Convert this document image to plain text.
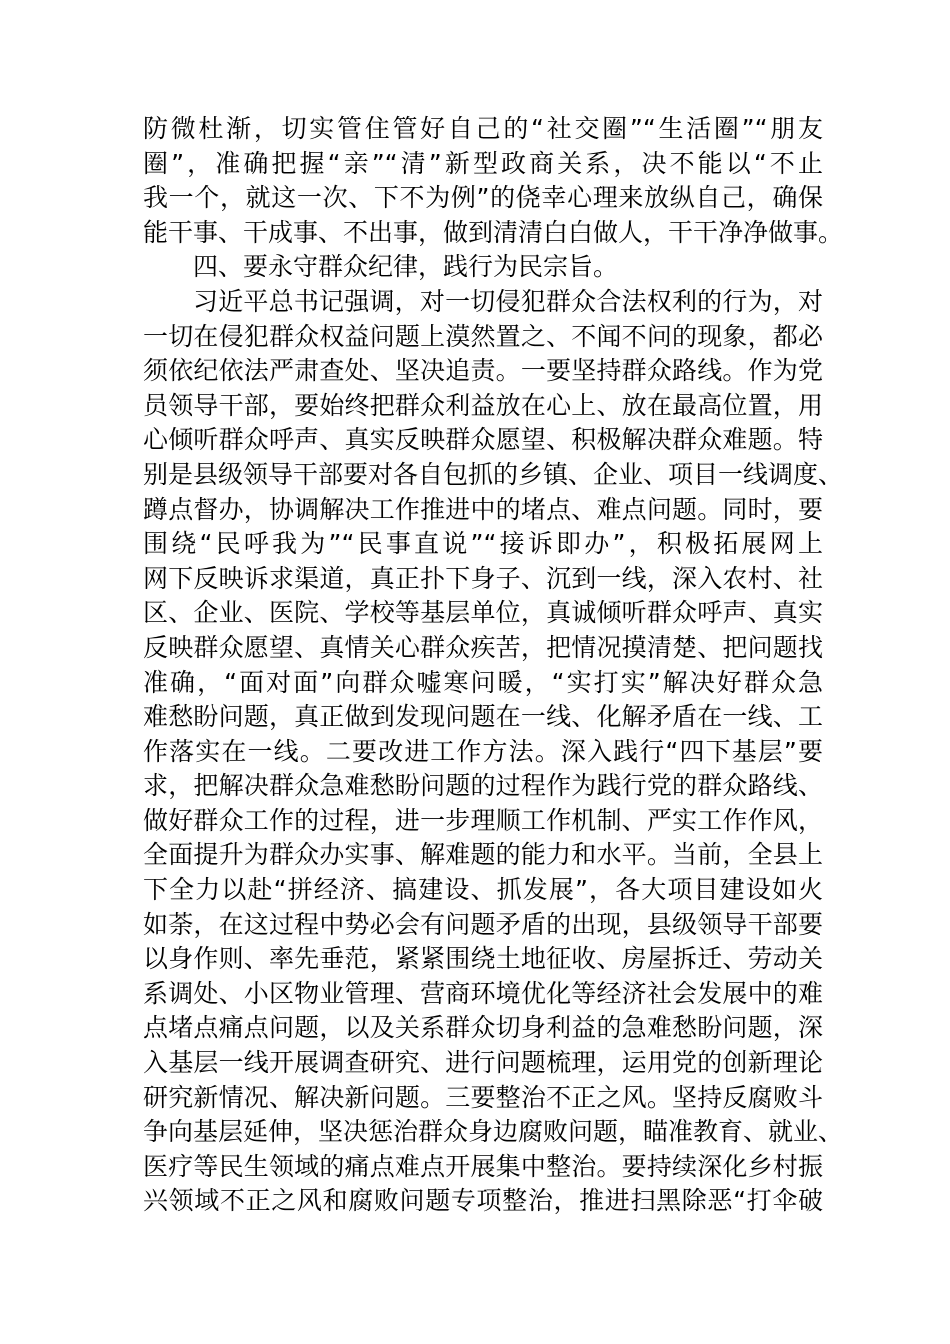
防微杜渐，切实管住管好自己的“社交圈”“生活圈”“朋友
圈”，准确把握“亲”“清”新型政商关系，决不能以“不止
我一个，就这一次、下不为例”的侥幸心理来放纵自己，确保
能干事、干成事、不出事，做到清清白白做人，干干净净做事。
四、要永守群众纪律，践行为民宗旨。
习近平总书记强调，对一切侵犯群众合法权利的行为，对
一切在侵犯群众权益问题上漠然置之、不闻不问的现象，都必
须依纪依法严肃查处、坚决追责。一要坚持群众路线。作为党
员领导干部，要始终把群众利益放在心上、放在最高位置，用
心倾听群众呼声、真实反映群众愿望、积极解决群众难题。特
别是县级领导干部要对各自包抓的乡镇、企业、项目一线调度、
蹲点督办，协调解决工作推进中的堵点、难点问题。同时，要
围绕“民呼我为”“民事直说”“接诉即办”，积极拓展网上
网下反映诉求渠道，真正扑下身子、沉到一线，深入农村、社
区、企业、医院、学校等基层单位，真诚倾听群众呼声、真实
反映群众愿望、真情关心群众疾苦，把情况摸清楚、把问题找
准确，“面对面”向群众嘘寒问暖，“实打实”解决好群众急
难愁盼问题，真正做到发现问题在一线、化解矛盾在一线、工
作落实在一线。二要改进工作方法。深入践行“四下基层”要
求，把解决群众急难愁盼问题的过程作为践行党的群众路线、
做好群众工作的过程，进一步理顺工作机制、严实工作作风，
全面提升为群众办实事、解难题的能力和水平。当前，全县上
下全力以赴“拼经济、搞建设、抓发展”，各大项目建设如火
如荼，在这过程中势必会有问题矛盾的出现，县级领导干部要
以身作则、率先垂范，紧紧围绕土地征收、房屋拆迁、劳动关
系调处、小区物业管理、营商环境优化等经济社会发展中的难
点堵点痛点问题，以及关系群众切身利益的急难愁盼问题，深
入基层一线开展调查研究、进行问题梳理，运用党的创新理论
研究新情况、解决新问题。三要整治不正之风。坚持反腐败斗
争向基层延伸，坚决惩治群众身边腐败问题，瞄准教育、就业、
医疗等民生领域的痛点难点开展集中整治。要持续深化乡村振
兴领域不正之风和腐败问题专项整治，推进扫黑除恶“打伞破
